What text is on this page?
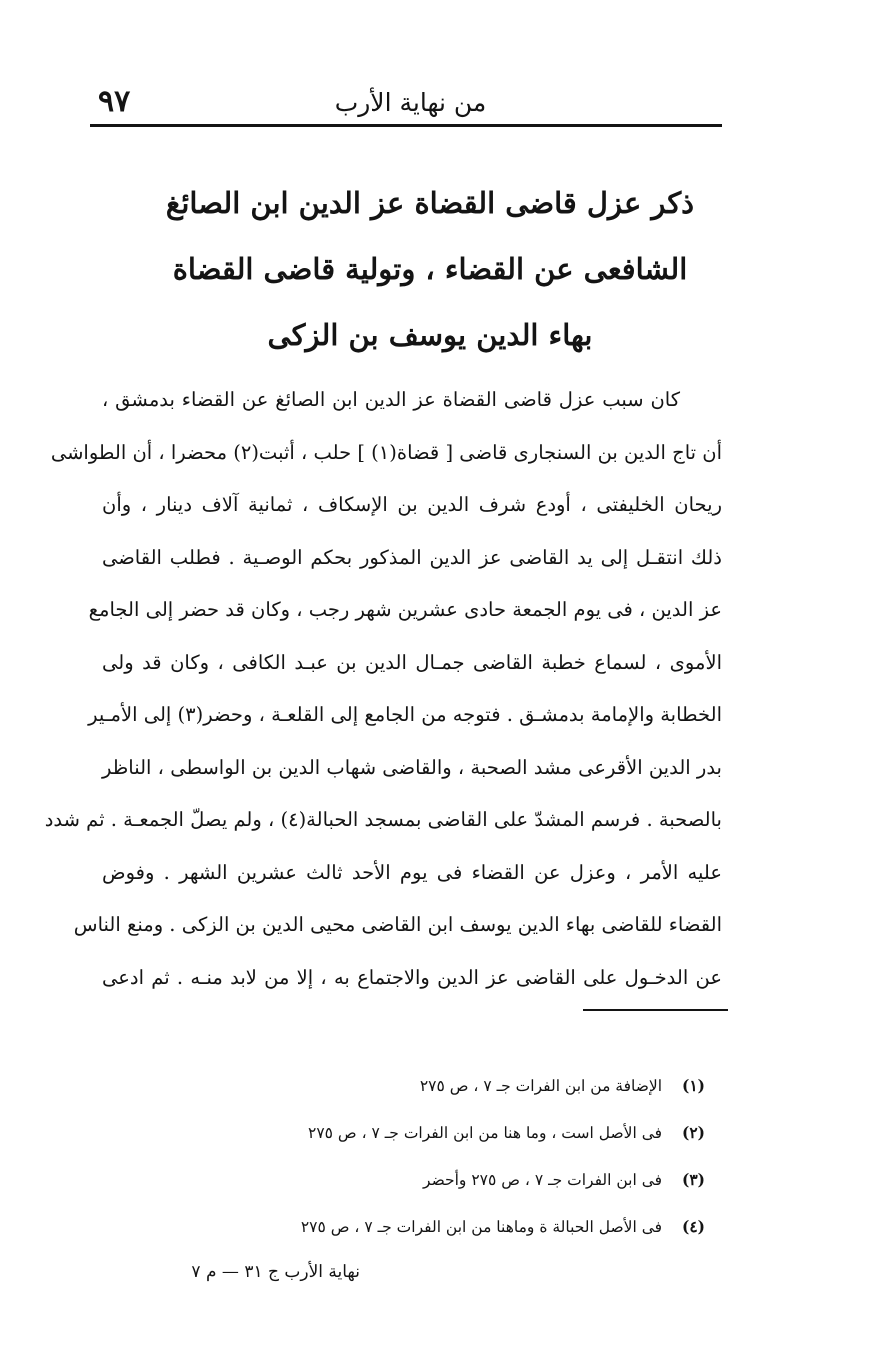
٩٧	من نهاية الأرب
ذكر عزل قاضى القضاة عز الدين ابن الصائغ
الشافعى عن القضاء ، وتولية قاضى القضاة
بهاء الدين يوسف بن الزكى
كان سبب عزل قاضى القضاة عز الدين ابن الصائغ عن القضاء بدمشق ،
أن تاج الدين بن السنجارى قاضى [ قضاة(١) ] حلب ، أثبت(٢) محضرا ، أن الطواشى
ريحان الخليفتى ، أودع شرف الدين بن الإسكاف ، ثمانية آلاف دينار ، وأن
ذلك انتقـل إلى يد القاضى عز الدين المذكور بحكم الوصـية . فطلب القاضى
عز الدين ، فى يوم الجمعة حادى عشرين شهر رجب ، وكان قد حضر إلى الجامع
الأموى ، لسماع خطبة القاضى جمـال الدين بن عبـد الكافى ، وكان قد ولى
الخطابة والإمامة بدمشـق . فتوجه من الجامع إلى القلعـة ، وحضر(٣) إلى الأمـير
بدر الدين الأقرعى مشد الصحبة ، والقاضى شهاب الدين بن الواسطى ، الناظر
بالصحبة . فرسم المشدّ على القاضى بمسجد الحبالة(٤) ، ولم يصلّ الجمعـة . ثم شدد
عليه الأمر ، وعزل عن القضاء فى يوم الأحد ثالث عشرين الشهر . وفوض
القضاء للقاضى بهاء الدين يوسف ابن القاضى محيى الدين بن الزكى . ومنع الناس
عن الدخـول على القاضى عز الدين والاجتماع به ، إلا من لابد منـه . ثم ادعى
(١) الإضافة من ابن الفرات جـ ٧ ، ص ٢٧٥
(٢) فى الأصل است ، وما هنا من ابن الفرات جـ ٧ ، ص ٢٧٥
(٣) فى ابن الفرات جـ ٧ ، ص ٢٧٥ وأحضر
(٤) فى الأصل الحبالة ة وماهنا من ابن الفرات جـ ٧ ، ص ٢٧٥
نهاية الأرب ج ٣١ — م ٧
